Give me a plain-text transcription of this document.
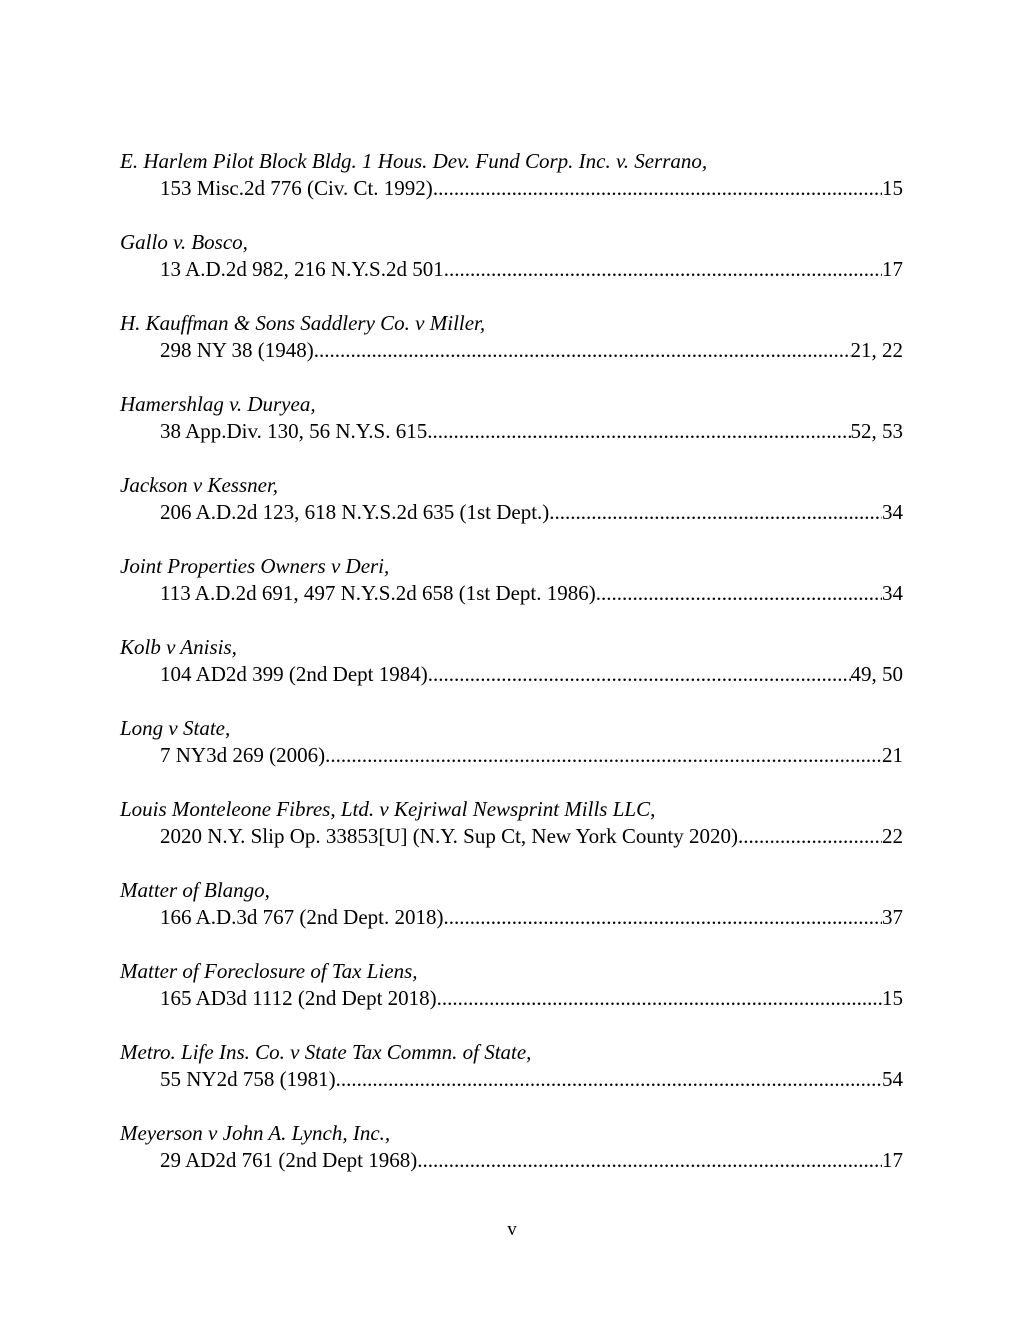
E. Harlem Pilot Block Bldg. 1 Hous. Dev. Fund Corp. Inc. v. Serrano,
153 Misc.2d 776 (Civ. Ct. 1992) .....	15
Gallo v. Bosco,
13 A.D.2d 982, 216 N.Y.S.2d 501 .....	17
H. Kauffman & Sons Saddlery Co. v Miller,
298 NY 38 (1948) .....	21, 22
Hamershlag v. Duryea,
38 App.Div. 130, 56 N.Y.S. 615 .....	52, 53
Jackson v Kessner,
206 A.D.2d 123, 618 N.Y.S.2d 635 (1st Dept.) .....	34
Joint Properties Owners v Deri,
113 A.D.2d 691, 497 N.Y.S.2d 658 (1st Dept. 1986) .....	34
Kolb v Anisis,
104 AD2d 399 (2nd Dept 1984) .....	49, 50
Long v State,
7 NY3d 269 (2006) .....	21
Louis Monteleone Fibres, Ltd. v Kejriwal Newsprint Mills LLC,
2020 N.Y. Slip Op. 33853[U] (N.Y. Sup Ct, New York County 2020) .....	22
Matter of Blango,
166 A.D.3d 767 (2nd Dept. 2018) .....	37
Matter of Foreclosure of Tax Liens,
165 AD3d 1112 (2nd Dept 2018) .....	15
Metro. Life Ins. Co. v State Tax Commn. of State,
55 NY2d 758 (1981) .....	54
Meyerson v John A. Lynch, Inc.,
29 AD2d 761 (2nd Dept 1968) .....	17
v
